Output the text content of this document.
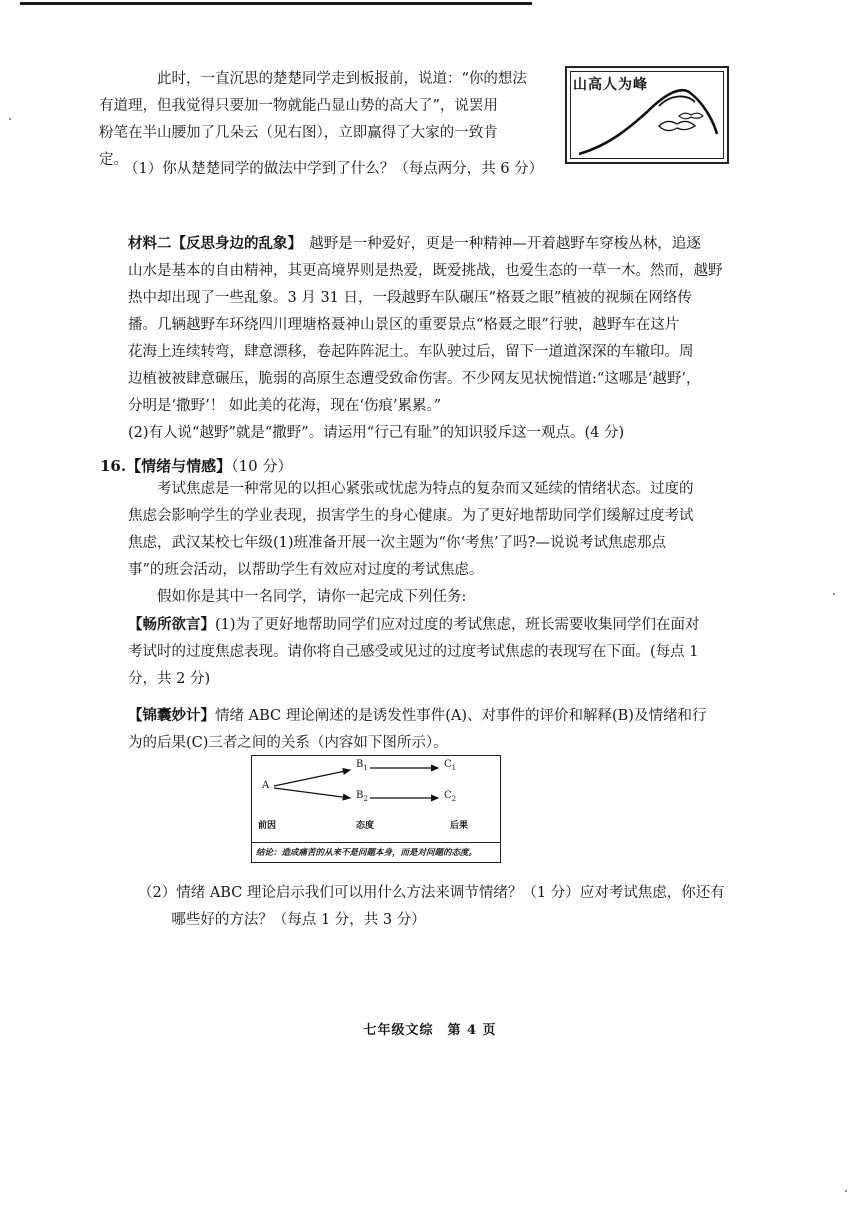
此时，一直沉思的楚楚同学走到板报前，说道：“你的想法
有道理，但我觉得只要加一物就能凸显山势的高大了”，说罢用
粉笔在半山腰加了几朵云（见右图），立即赢得了大家的一致肯
定。
（1）你从楚楚同学的做法中学到了什么？（每点两分，共 6 分）
山高人为峰
材料二【反思身边的乱象】　 越野是一种爱好，更是一种精神—开着越野车穿梭丛林，追逐
山水是基本的自由精神，其更高境界则是热爱，既爱挑战，也爱生态的一草一木。然而，越野
热中却出现了一些乱象。3 月 31 日，一段越野车队碾压“格聂之眼”植被的视频在网络传
播。几辆越野车环绕四川理塘格聂神山景区的重要景点“格聂之眼”行驶，越野车在这片
花海上连续转弯，肆意漂移，卷起阵阵泥土。车队驶过后，留下一道道深深的车辙印。周
边植被被肆意碾压，脆弱的高原生态遭受致命伤害。不少网友见状惋惜道:“这哪是‘越野’，
分明是‘撒野’！ 如此美的花海，现在‘伤痕’累累。”
(2)有人说“越野”就是“撒野”。请运用“行己有耻”的知识驳斥这一观点。(4 分)
16.【情绪与情感】（10 分）
考试焦虑是一种常见的以担心紧张或忧虑为特点的复杂而又延续的情绪状态。过度的
焦虑会影响学生的学业表现，损害学生的身心健康。为了更好地帮助同学们缓解过度考试
焦虑，武汉某校七年级(1)班准备开展一次主题为“你‘考焦’了吗?—说说考试焦虑那点
事”的班会活动，以帮助学生有效应对过度的考试焦虑。
假如你是其中一名同学，请你一起完成下列任务:
【畅所欲言】(1)为了更好地帮助同学们应对过度的考试焦虑，班长需要收集同学们在面对
考试时的过度焦虑表现。请你将自己感受或见过的过度考试焦虑的表现写在下面。(每点 1
分，共 2 分)
【锦囊妙计】情绪 ABC 理论阐述的是诱发性事件(A)、对事件的评价和解释(B)及情绪和行
为的后果(C)三者之间的关系（内容如下图所示）。
A
$B_1$
$B_2$
$C_1$
$C_2$
前因	态度	后果
结论：造成痛苦的从来不是问题本身，而是对问题的态度。
（2）情绪 ABC 理论启示我们可以用什么方法来调节情绪？（1 分）应对考试焦虑，你还有
哪些好的方法？（每点 1 分，共 3 分）
七年级文综　第 4 页
